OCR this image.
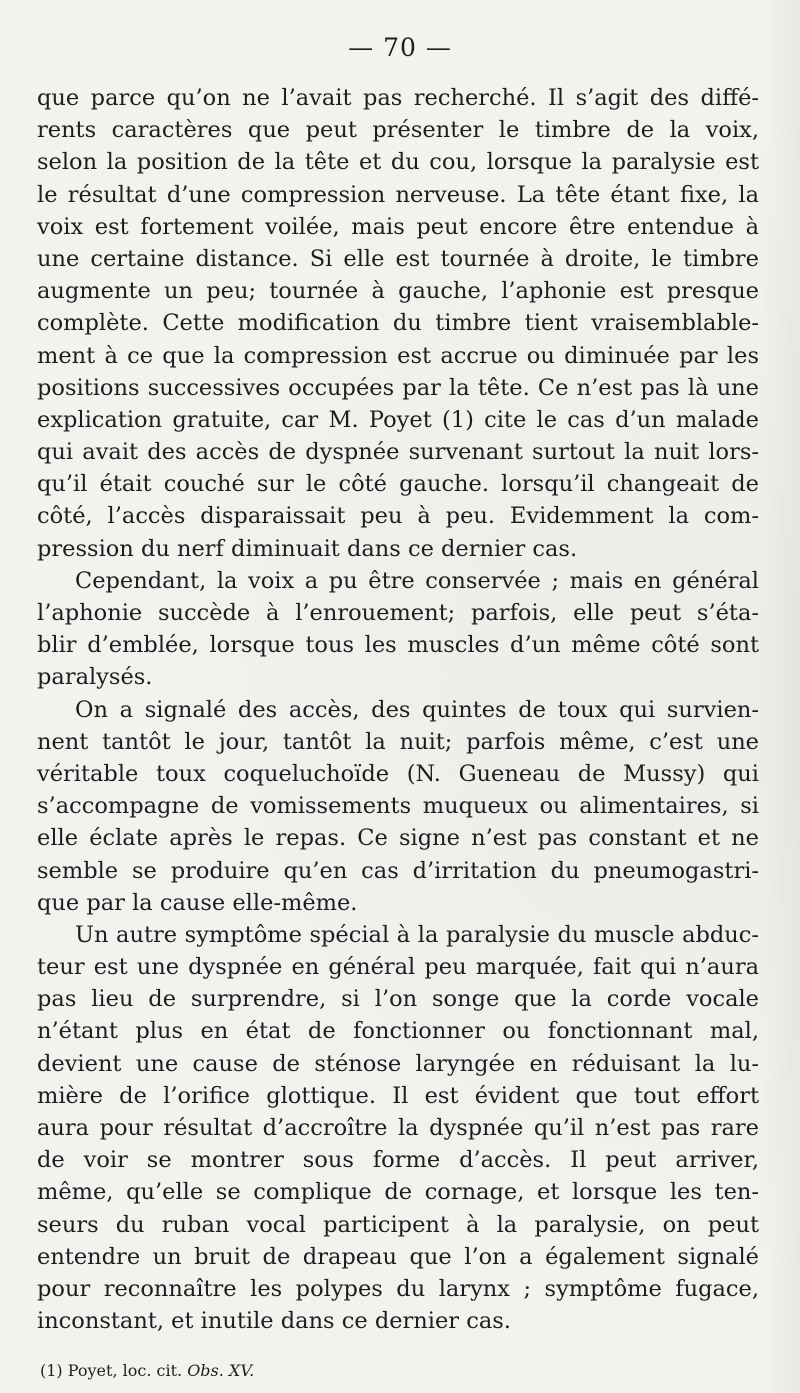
— 70 —
que parce qu’on ne l’avait pas recherché. Il s’agit des diffé-
rents caractères que peut présenter le timbre de la voix,
selon la position de la tête et du cou, lorsque la paralysie est
le résultat d’une compression nerveuse. La tête étant fixe, la
voix est fortement voilée, mais peut encore être entendue à
une certaine distance. Si elle est tournée à droite, le timbre
augmente un peu; tournée à gauche, l’aphonie est presque
complète. Cette modification du timbre tient vraisemblable-
ment à ce que la compression est accrue ou diminuée par les
positions successives occupées par la tête. Ce n’est pas là une
explication gratuite, car M. Poyet (1) cite le cas d’un malade
qui avait des accès de dyspnée survenant surtout la nuit lors-
qu’il était couché sur le côté gauche. lorsqu’il changeait de
côté, l’accès disparaissait peu à peu. Evidemment la com-
pression du nerf diminuait dans ce dernier cas.
Cependant, la voix a pu être conservée ; mais en général
l’aphonie succède à l’enrouement; parfois, elle peut s’éta-
blir d’emblée, lorsque tous les muscles d’un même côté sont
paralysés.
On a signalé des accès, des quintes de toux qui survien-
nent tantôt le jour, tantôt la nuit; parfois même, c’est une
véritable toux coqueluchoïde (N. Gueneau de Mussy) qui
s’accompagne de vomissements muqueux ou alimentaires, si
elle éclate après le repas. Ce signe n’est pas constant et ne
semble se produire qu’en cas d’irritation du pneumogastri-
que par la cause elle-même.
Un autre symptôme spécial à la paralysie du muscle abduc-
teur est une dyspnée en général peu marquée, fait qui n’aura
pas lieu de surprendre, si l’on songe que la corde vocale
n’étant plus en état de fonctionner ou fonctionnant mal,
devient une cause de sténose laryngée en réduisant la lu-
mière de l’orifice glottique. Il est évident que tout effort
aura pour résultat d’accroître la dyspnée qu’il n’est pas rare
de voir se montrer sous forme d’accès. Il peut arriver,
même, qu’elle se complique de cornage, et lorsque les ten-
seurs du ruban vocal participent à la paralysie, on peut
entendre un bruit de drapeau que l’on a également signalé
pour reconnaître les polypes du larynx ; symptôme fugace,
inconstant, et inutile dans ce dernier cas.
(1) Poyet, loc. cit. Obs. XV.
